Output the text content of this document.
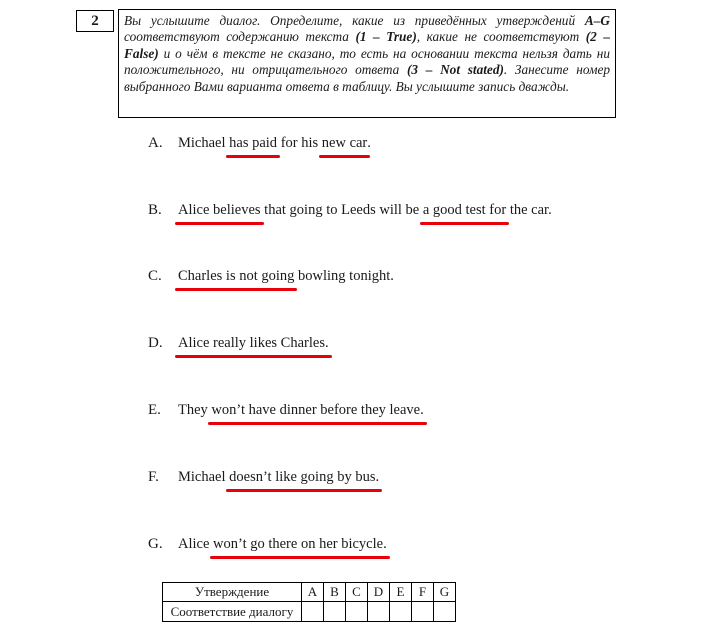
2	Вы услышите диалог. Определите, какие из приведённых утверждений A–G соответствуют содержанию текста (1 – True), какие не соответствуют (2 – False) и о чём в тексте не сказано, то есть на основании текста нельзя дать ни положительного, ни отрицательного ответа (3 – Not stated). Занесите номер выбранного Вами варианта ответа в таблицу. Вы услышите запись дважды.
A. Michael has paid for his new car.
B. Alice believes that going to Leeds will be a good test for the car.
C. Charles is not going bowling tonight.
D. Alice really likes Charles.
E. They won’t have dinner before they leave.
F. Michael doesn’t like going by bus.
G. Alice won’t go there on her bicycle.
Утверждение	A	B	C	D	E	F	G
Соответствие диалогу							
